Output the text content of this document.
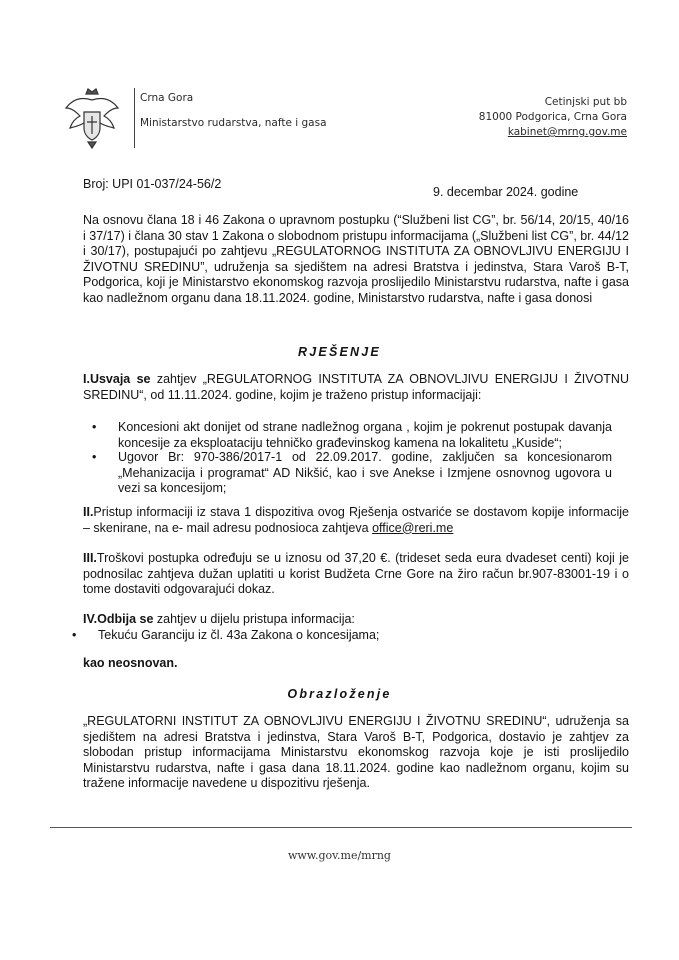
Crna Gora
Ministarstvo rudarstva, nafte i gasa
Cetinjski put bb
81000 Podgorica, Crna Gora
kabinet@mrng.gov.me
Broj: UPI 01-037/24-56/2
9. decembar 2024. godine
Na osnovu člana 18 i 46 Zakona o upravnom postupku (“Službeni list CG”, br. 56/14, 20/15, 40/16 i 37/17) i člana 30 stav 1 Zakona o slobodnom pristupu informacijama („Službeni list CG”, br. 44/12 i 30/17), postupajući po zahtjevu „REGULATORNOG INSTITUTA ZA OBNOVLJIVU ENERGIJU I ŽIVOTNU SREDINU”, udruženja sa sjedištem na adresi Bratstva i jedinstva, Stara Varoš B-T, Podgorica, koji je Ministarstvo ekonomskog razvoja proslijedilo Ministarstvu rudarstva, nafte i gasa kao nadležnom organu dana 18.11.2024. godine, Ministarstvo rudarstva, nafte i gasa donosi
RJEŠENJE
I.Usvaja se zahtjev „REGULATORNOG INSTITUTA ZA OBNOVLJIVU ENERGIJU I ŽIVOTNU SREDINU“, od 11.11.2024. godine, kojim je traženo pristup informacijaji:
• Koncesioni akt donijet od strane nadležnog organa , kojim je pokrenut postupak davanja koncesije za eksploataciju tehničko građevinskog kamena na lokalitetu „Kuside“;
• Ugovor Br: 970-386/2017-1 od 22.09.2017. godine, zaključen sa koncesionarom „Mehanizacija i programat“ AD Nikšić, kao i sve Anekse i Izmjene osnovnog ugovora u vezi sa koncesijom;
II.Pristup informaciji iz stava 1 dispozitiva ovog Rješenja ostvariće se dostavom kopije informacije – skenirane, na e- mail adresu podnosioca zahtjeva office@reri.me
III.Troškovi postupka određuju se u iznosu od 37,20 €. (trideset seda eura dvadeset centi) koji je podnosilac zahtjeva dužan uplatiti u korist Budžeta Crne Gore na žiro račun br.907-83001-19 i o tome dostaviti odgovarajući dokaz.
IV.Odbija se zahtjev u dijelu pristupa informacija:
• Tekuću Garanciju iz čl. 43a Zakona o koncesijama;
kao neosnovan.
Obrazloženje
„REGULATORNI INSTITUT ZA OBNOVLJIVU ENERGIJU I ŽIVOTNU SREDINU“, udruženja sa sjedištem na adresi Bratstva i jedinstva, Stara Varoš B-T, Podgorica, dostavio je zahtjev za slobodan pristup informacijama Ministarstvu ekonomskog razvoja koje je isti proslijedilo Ministarstvu rudarstva, nafte i gasa dana 18.11.2024. godine kao nadležnom organu, kojim su tražene informacije navedene u dispozitivu rješenja.
www.gov.me/mrng
